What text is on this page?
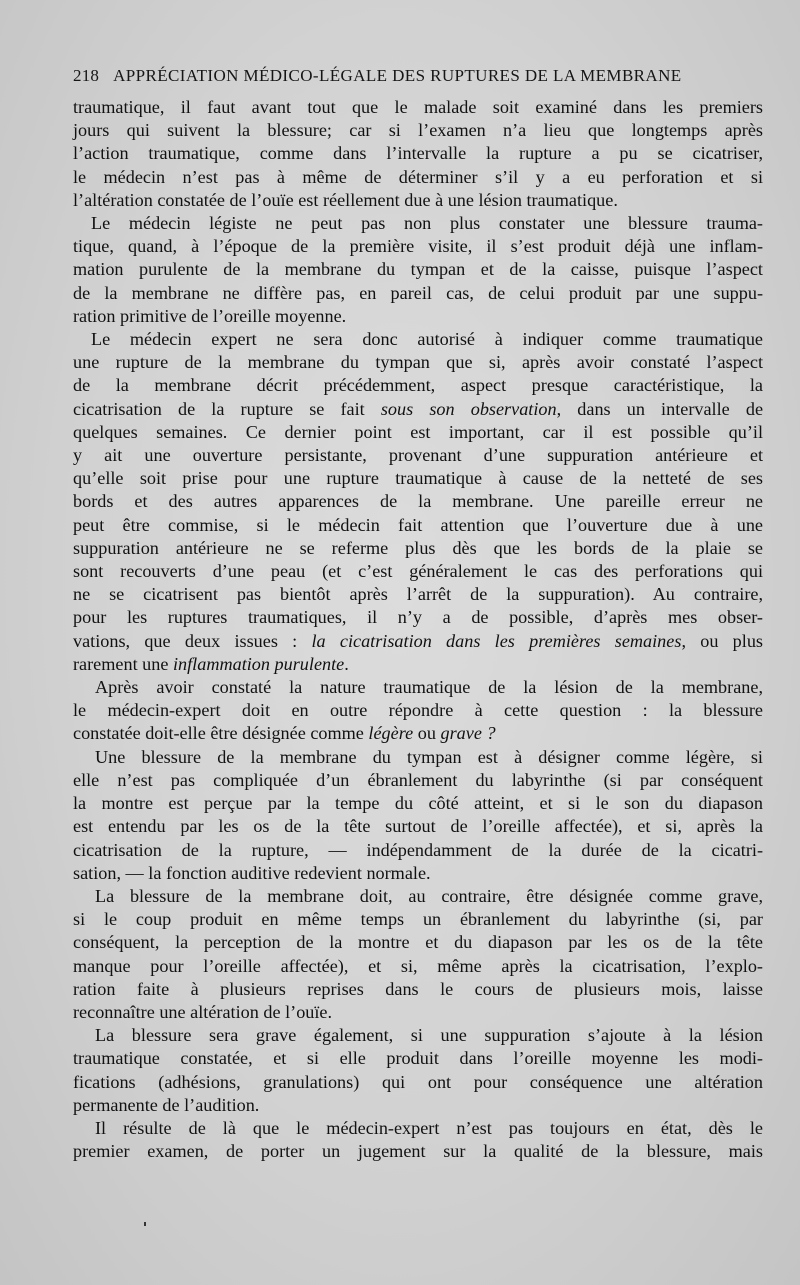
218 APPRÉCIATION MÉDICO-LÉGALE DES RUPTURES DE LA MEMBRANE
traumatique, il faut avant tout que le malade soit examiné dans les premiers
jours qui suivent la blessure; car si l’examen n’a lieu que longtemps après
l’action traumatique, comme dans l’intervalle la rupture a pu se cicatriser,
le médecin n’est pas à même de déterminer s’il y a eu perforation et si
l’altération constatée de l’ouïe est réellement due à une lésion traumatique.
Le médecin légiste ne peut pas non plus constater une blessure trauma-
tique, quand, à l’époque de la première visite, il s’est produit déjà une inflam-
mation purulente de la membrane du tympan et de la caisse, puisque l’aspect
de la membrane ne diffère pas, en pareil cas, de celui produit par une suppu-
ration primitive de l’oreille moyenne.
Le médecin expert ne sera donc autorisé à indiquer comme traumatique
une rupture de la membrane du tympan que si, après avoir constaté l’aspect
de la membrane décrit précédemment, aspect presque caractéristique, la
cicatrisation de la rupture se fait sous son observation, dans un intervalle de
quelques semaines. Ce dernier point est important, car il est possible qu’il
y ait une ouverture persistante, provenant d’une suppuration antérieure et
qu’elle soit prise pour une rupture traumatique à cause de la netteté de ses
bords et des autres apparences de la membrane. Une pareille erreur ne
peut être commise, si le médecin fait attention que l’ouverture due à une
suppuration antérieure ne se referme plus dès que les bords de la plaie se
sont recouverts d’une peau (et c’est généralement le cas des perforations qui
ne se cicatrisent pas bientôt après l’arrêt de la suppuration). Au contraire,
pour les ruptures traumatiques, il n’y a de possible, d’après mes obser-
vations, que deux issues : la cicatrisation dans les premières semaines, ou plus
rarement une inflammation purulente.
Après avoir constaté la nature traumatique de la lésion de la membrane,
le médecin-expert doit en outre répondre à cette question : la blessure
constatée doit-elle être désignée comme légère ou grave ?
Une blessure de la membrane du tympan est à désigner comme légère, si
elle n’est pas compliquée d’un ébranlement du labyrinthe (si par conséquent
la montre est perçue par la tempe du côté atteint, et si le son du diapason
est entendu par les os de la tête surtout de l’oreille affectée), et si, après la
cicatrisation de la rupture, — indépendamment de la durée de la cicatri-
sation, — la fonction auditive redevient normale.
La blessure de la membrane doit, au contraire, être désignée comme grave,
si le coup produit en même temps un ébranlement du labyrinthe (si, par
conséquent, la perception de la montre et du diapason par les os de la tête
manque pour l’oreille affectée), et si, même après la cicatrisation, l’explo-
ration faite à plusieurs reprises dans le cours de plusieurs mois, laisse
reconnaître une altération de l’ouïe.
La blessure sera grave également, si une suppuration s’ajoute à la lésion
traumatique constatée, et si elle produit dans l’oreille moyenne les modi-
fications (adhésions, granulations) qui ont pour conséquence une altération
permanente de l’audition.
Il résulte de là que le médecin-expert n’est pas toujours en état, dès le
premier examen, de porter un jugement sur la qualité de la blessure, mais
